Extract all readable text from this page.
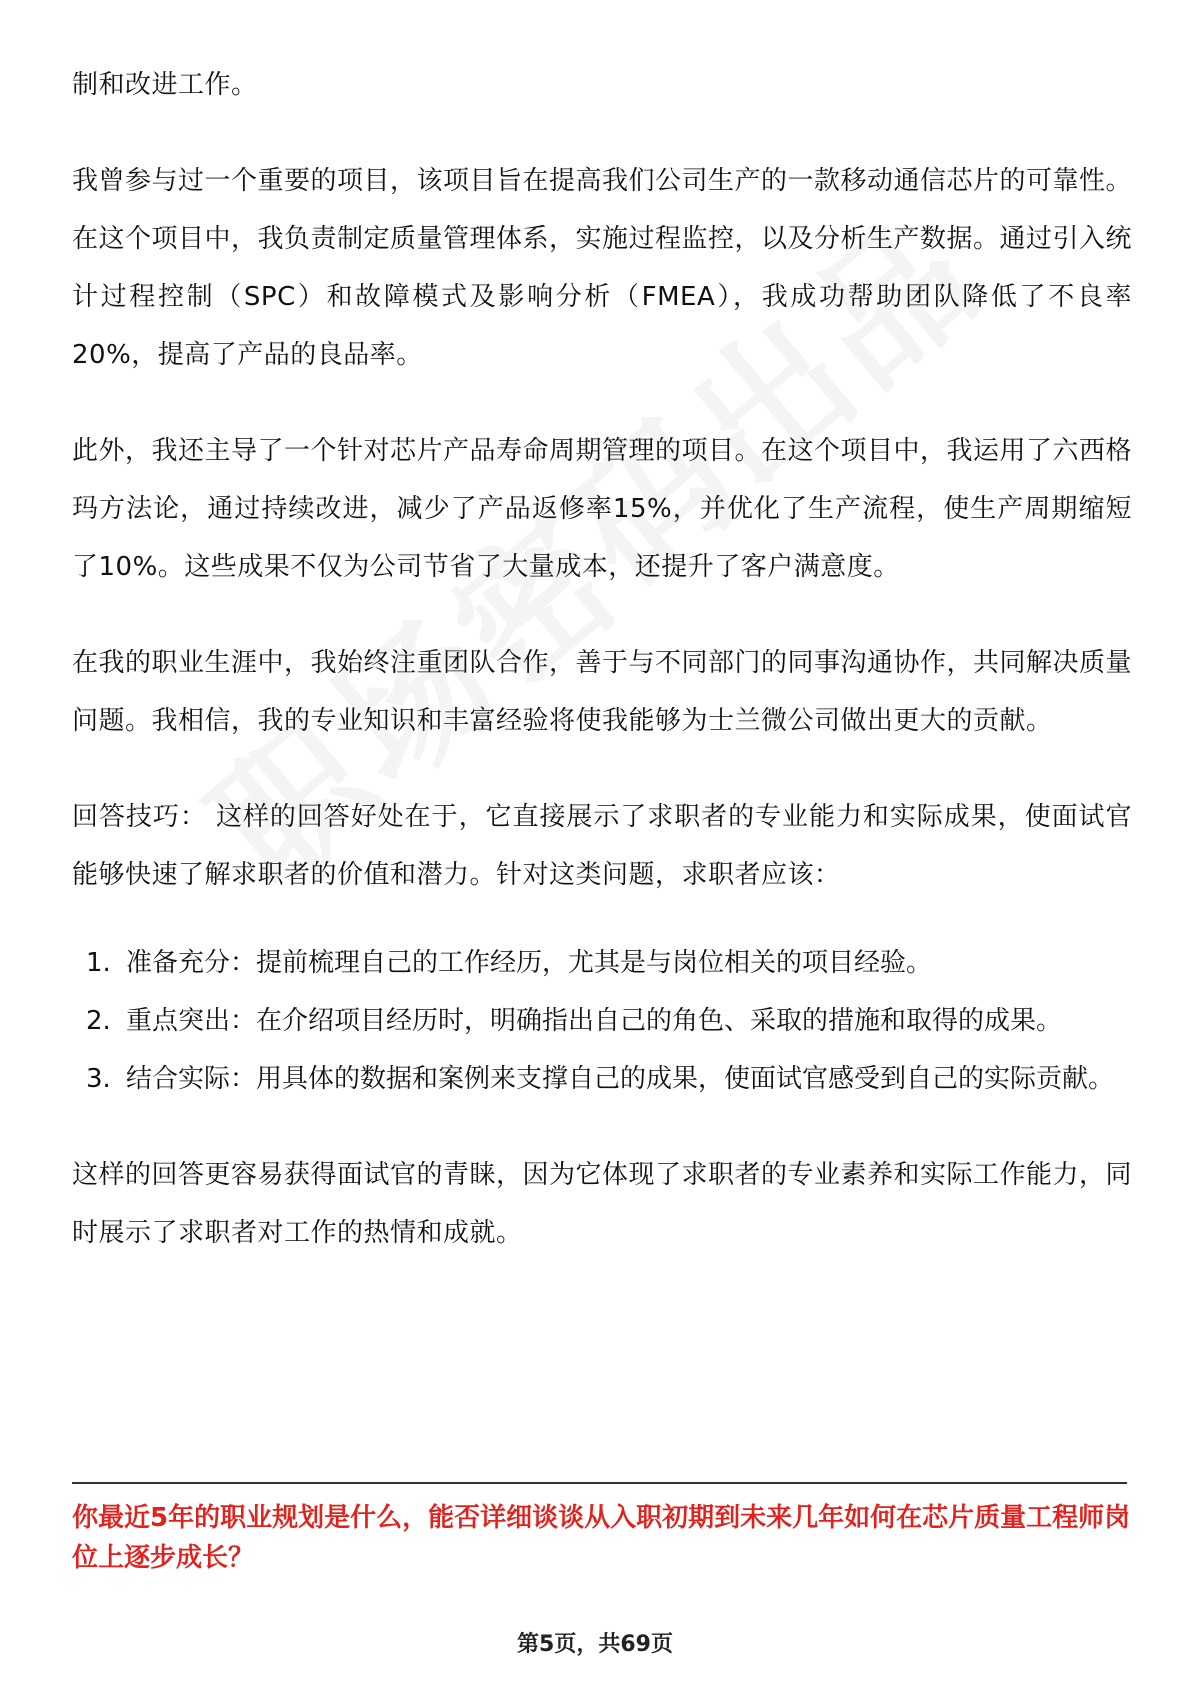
制和改进工作。

我曾参与过一个重要的项目，该项目旨在提高我们公司生产的一款移动通信芯片的可靠性。在这个项目中，我负责制定质量管理体系，实施过程监控，以及分析生产数据。通过引入统计过程控制（SPC）和故障模式及影响分析（FMEA），我成功帮助团队降低了不良率20%，提高了产品的良品率。

此外，我还主导了一个针对芯片产品寿命周期管理的项目。在这个项目中，我运用了六西格玛方法论，通过持续改进，减少了产品返修率15%，并优化了生产流程，使生产周期缩短了10%。这些成果不仅为公司节省了大量成本，还提升了客户满意度。

在我的职业生涯中，我始终注重团队合作，善于与不同部门的同事沟通协作，共同解决质量问题。我相信，我的专业知识和丰富经验将使我能够为士兰微公司做出更大的贡献。

回答技巧： 这样的回答好处在于，它直接展示了求职者的专业能力和实际成果，使面试官能够快速了解求职者的价值和潜力。针对这类问题，求职者应该：

1. 准备充分：提前梳理自己的工作经历，尤其是与岗位相关的项目经验。
2. 重点突出：在介绍项目经历时，明确指出自己的角色、采取的措施和取得的成果。
3. 结合实际：用具体的数据和案例来支撑自己的成果，使面试官感受到自己的实际贡献。

这样的回答更容易获得面试官的青睐，因为它体现了求职者的专业素养和实际工作能力，同时展示了求职者对工作的热情和成就。

你最近5年的职业规划是什么，能否详细谈谈从入职初期到未来几年如何在芯片质量工程师岗位上逐步成长？
第5页，共69页
